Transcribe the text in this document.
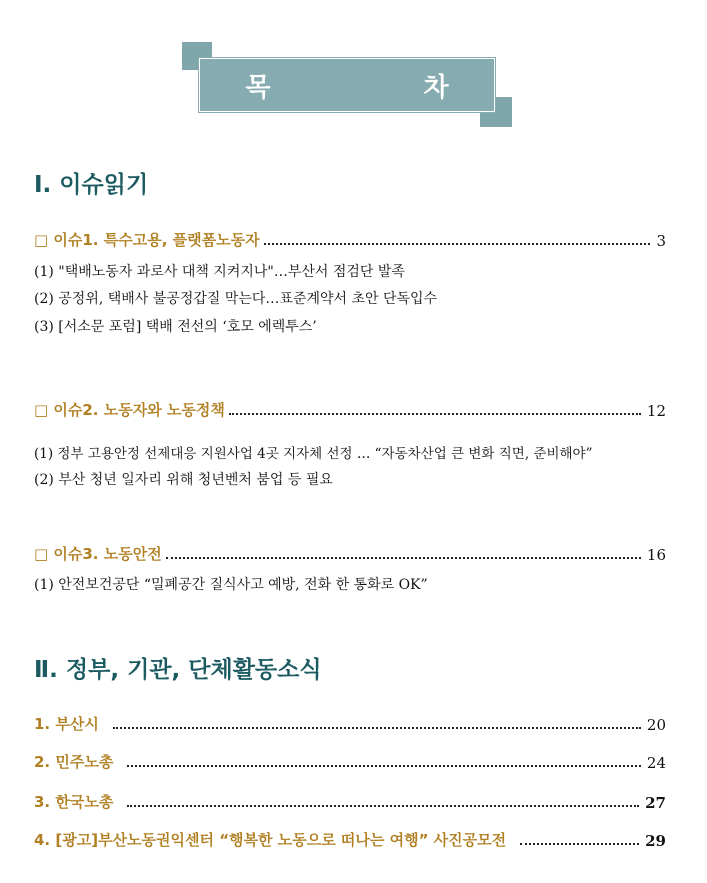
목 차
Ⅰ. 이슈읽기
□ 이슈1. 특수고용, 플랫폼노동자	3
(1) "택배노동자 과로사 대책 지켜지나"…부산서 점검단 발족
(2) 공정위, 택배사 불공정갑질 막는다…표준계약서 초안 단독입수
(3) [서소문 포럼] 택배 전선의 ‘호모 에렉투스’
□ 이슈2. 노동자와 노동정책	12
(1) 정부 고용안정 선제대응 지원사업 4곳 지자체 선정 … “자동차산업 큰 변화 직면, 준비해야”
(2) 부산 청년 일자리 위해 청년벤처 붐업 등 필요
□ 이슈3. 노동안전	16
(1) 안전보건공단 “밀폐공간 질식사고 예방, 전화 한 통화로 OK”
Ⅱ. 정부, 기관, 단체활동소식
1. 부산시	20
2. 민주노총	24
3. 한국노총	27
4. [광고]부산노동권익센터 “행복한 노동으로 떠나는 여행” 사진공모전	29
